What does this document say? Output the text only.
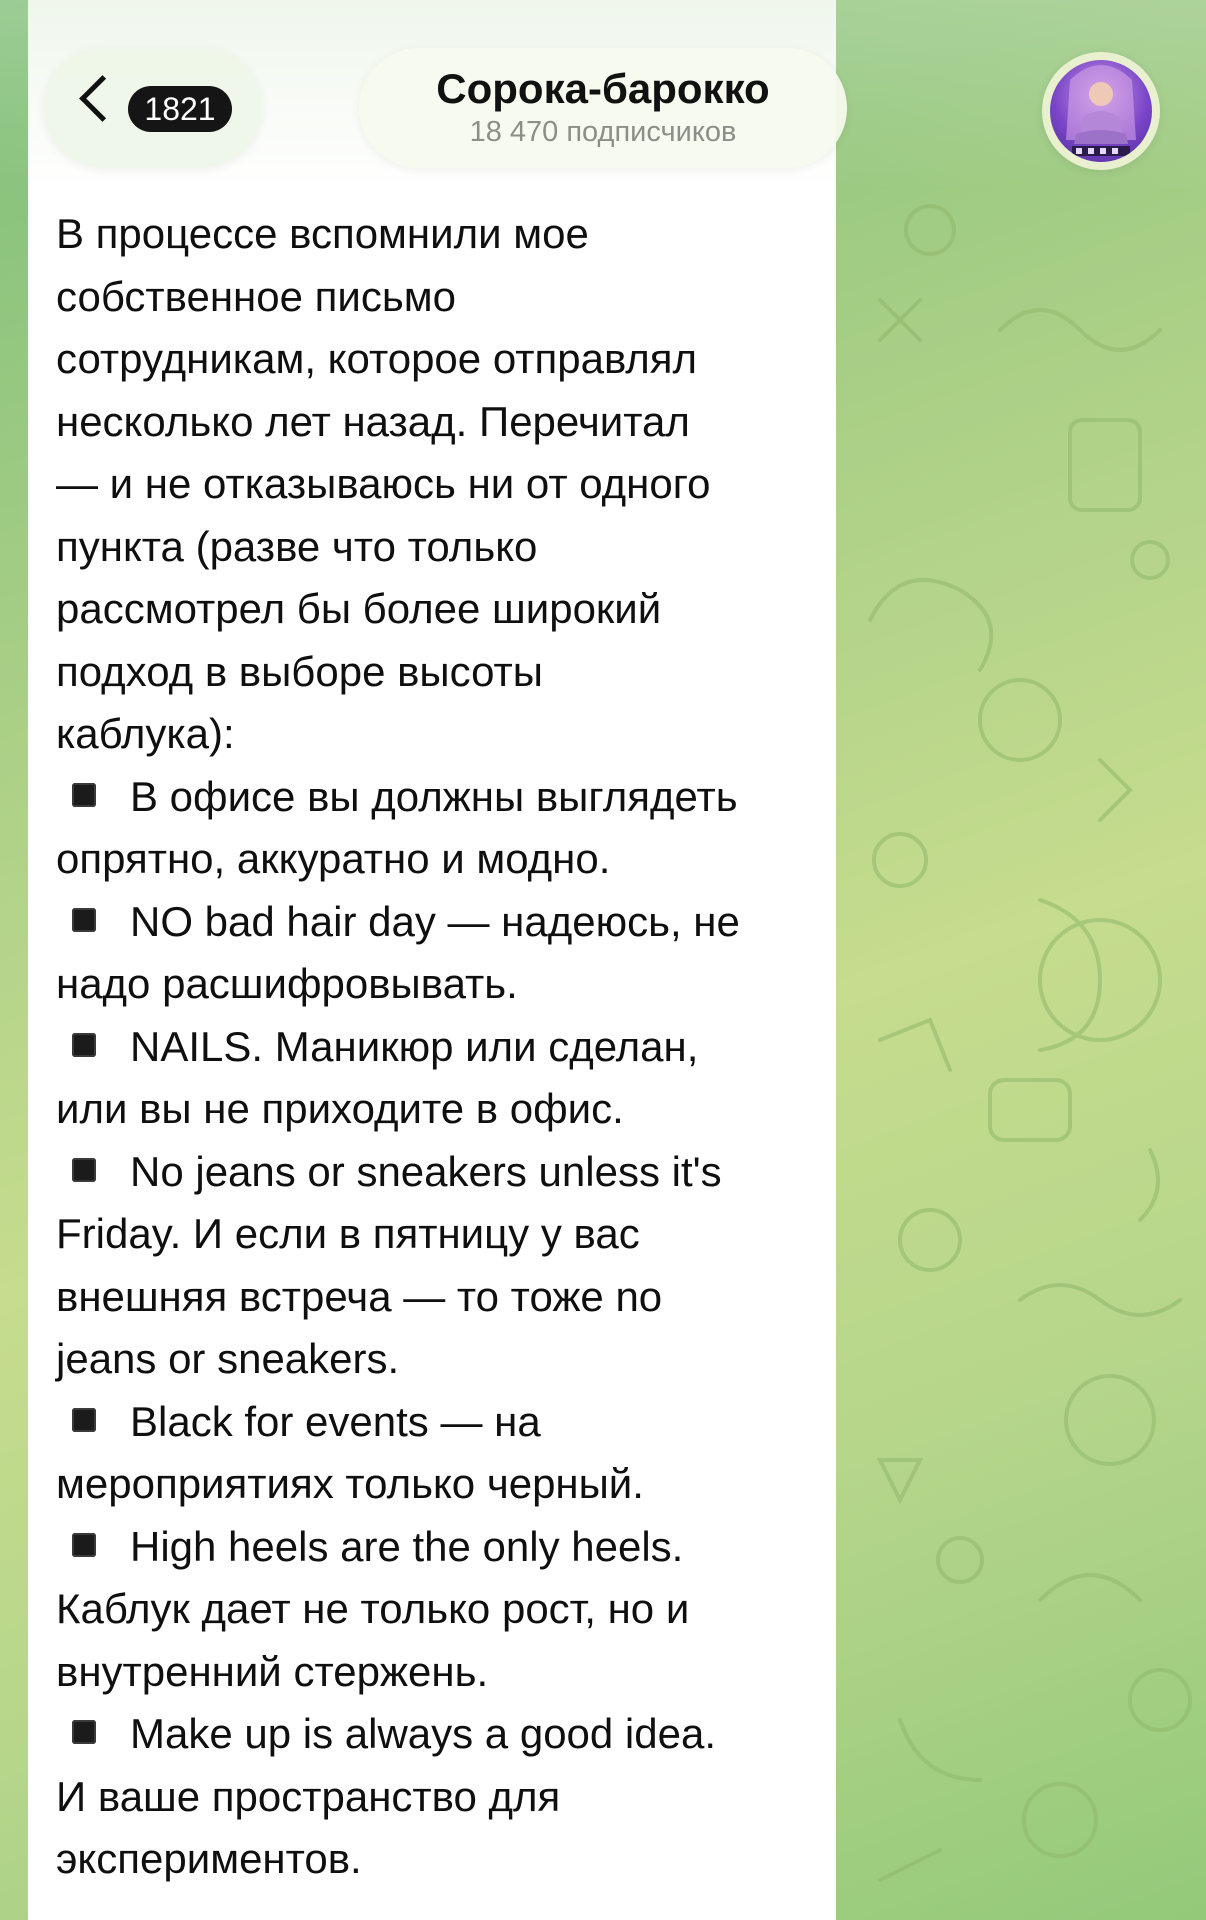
В процессе вспомнили мое
собственное письмо
сотрудникам, которое отправлял
несколько лет назад. Перечитал
— и не отказываюсь ни от одного
пункта (разве что только
рассмотрел бы более широкий
подход в выборе высоты
каблука):

В офисе вы должны выглядеть
опрятно, аккуратно и модно.

NO bad hair day — надеюсь, не
надо расшифровывать.

NAILS. Маникюр или сделан,
или вы не приходите в офис.

No jeans or sneakers unless it's
Friday. И если в пятницу у вас
внешняя встреча — то тоже no
jeans or sneakers.

Black for events — на
мероприятиях только черный.

High heels are the only heels.
Каблук дает не только рост, но и
внутренний стержень.

Make up is always a good idea.
И ваше пространство для
экспериментов.

1821	Сорока-барокко
18 470 подписчиков
